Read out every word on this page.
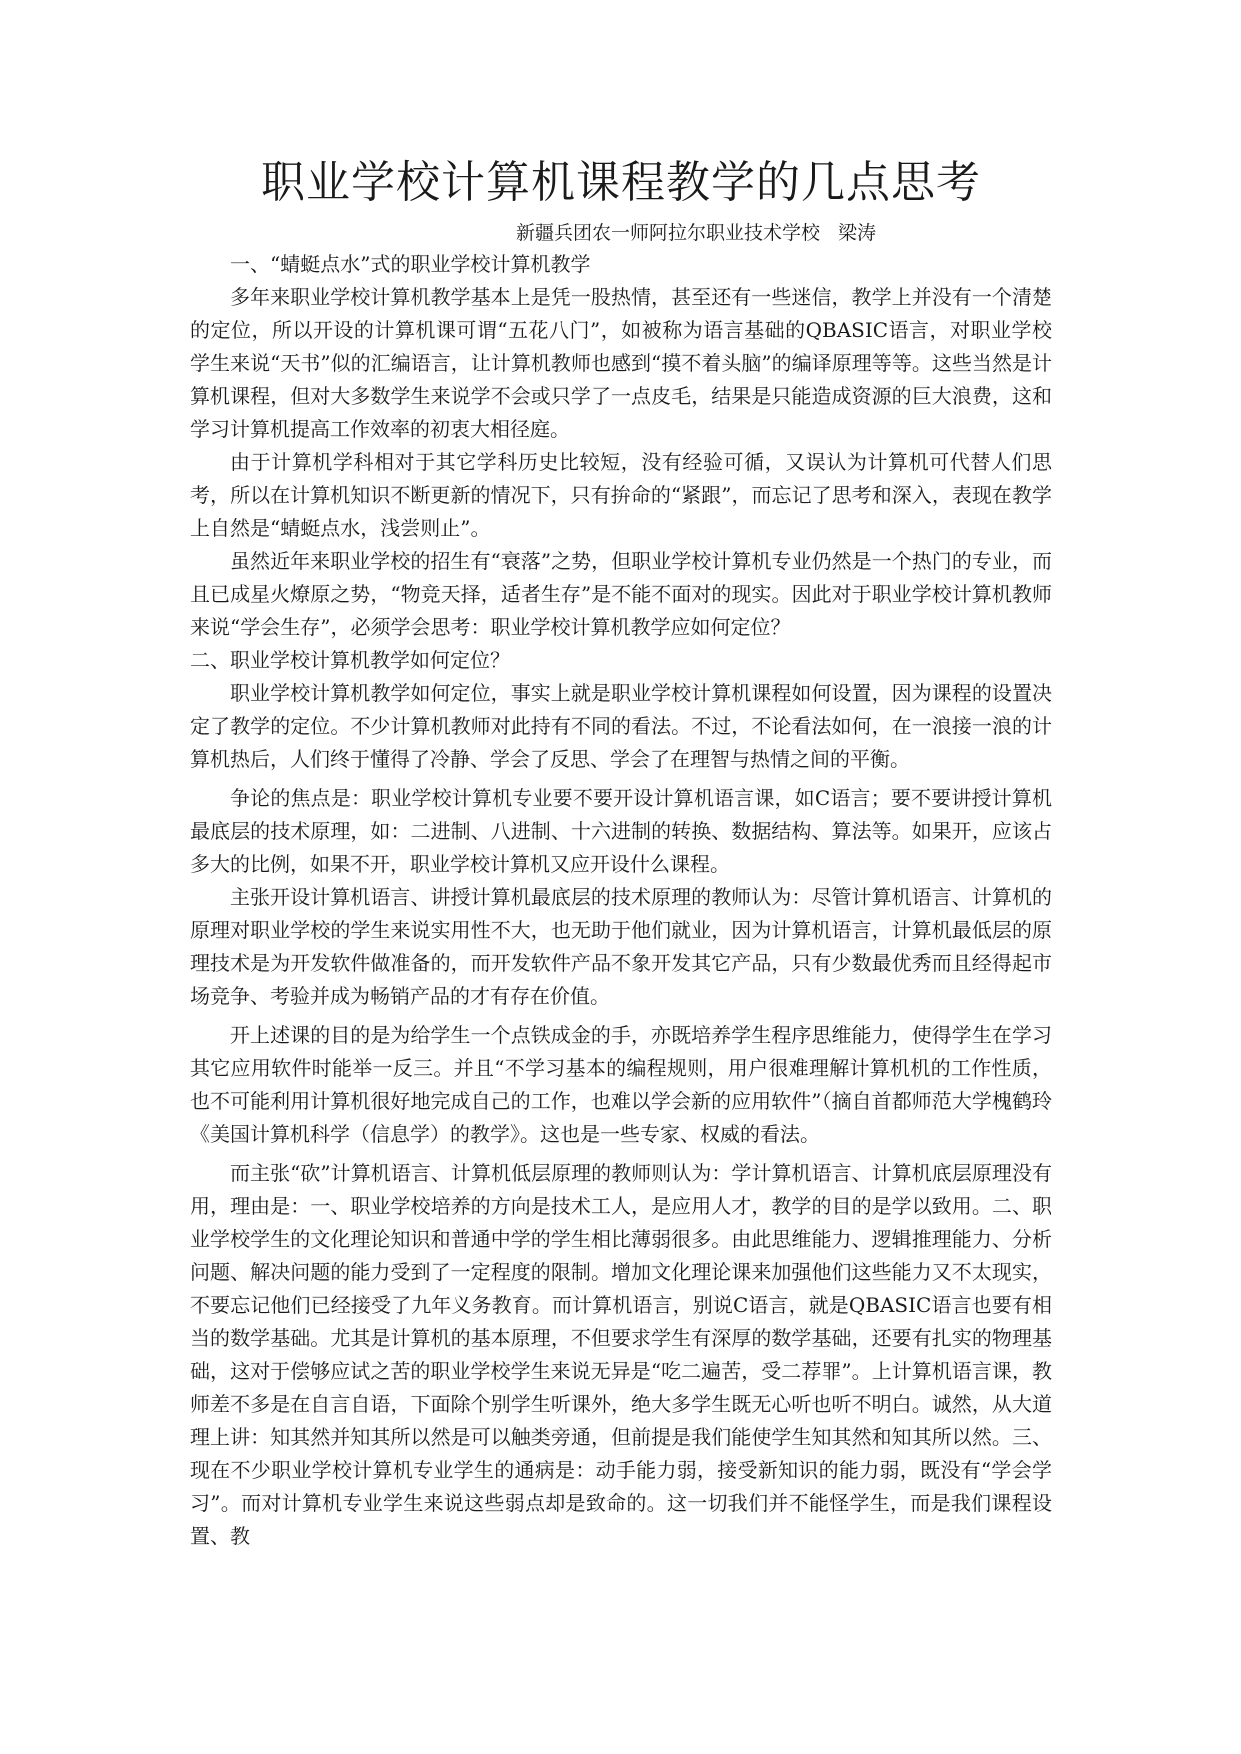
职业学校计算机课程教学的几点思考
新疆兵团农一师阿拉尔职业技术学校 梁涛

一、“蜻蜓点水”式的职业学校计算机教学

多年来职业学校计算机教学基本上是凭一股热情，甚至还有一些迷信，教学上并没有一个清楚的定位，所以开设的计算机课可谓“五花八门”，如被称为语言基础的QBASIC语言，对职业学校学生来说“天书”似的汇编语言，让计算机教师也感到“摸不着头脑”的编译原理等等。这些当然是计算机课程，但对大多数学生来说学不会或只学了一点皮毛，结果是只能造成资源的巨大浪费，这和学习计算机提高工作效率的初衷大相径庭。

由于计算机学科相对于其它学科历史比较短，没有经验可循，又误认为计算机可代替人们思考，所以在计算机知识不断更新的情况下，只有拚命的“紧跟”，而忘记了思考和深入，表现在教学上自然是“蜻蜓点水，浅尝则止”。

虽然近年来职业学校的招生有“衰落”之势，但职业学校计算机专业仍然是一个热门的专业，而且已成星火燎原之势，“物竞天择，适者生存”是不能不面对的现实。因此对于职业学校计算机教师来说“学会生存”，必须学会思考：职业学校计算机教学应如何定位？

二、职业学校计算机教学如何定位？

职业学校计算机教学如何定位，事实上就是职业学校计算机课程如何设置，因为课程的设置决定了教学的定位。不少计算机教师对此持有不同的看法。不过，不论看法如何，在一浪接一浪的计算机热后，人们终于懂得了冷静、学会了反思、学会了在理智与热情之间的平衡。

争论的焦点是：职业学校计算机专业要不要开设计算机语言课，如C语言；要不要讲授计算机最底层的技术原理，如：二进制、八进制、十六进制的转换、数据结构、算法等。如果开，应该占多大的比例，如果不开，职业学校计算机又应开设什么课程。

主张开设计算机语言、讲授计算机最底层的技术原理的教师认为：尽管计算机语言、计算机的原理对职业学校的学生来说实用性不大，也无助于他们就业，因为计算机语言，计算机最低层的原理技术是为开发软件做准备的，而开发软件产品不象开发其它产品，只有少数最优秀而且经得起市场竞争、考验并成为畅销产品的才有存在价值。

开上述课的目的是为给学生一个点铁成金的手，亦既培养学生程序思维能力，使得学生在学习其它应用软件时能举一反三。并且“不学习基本的编程规则，用户很难理解计算机机的工作性质，也不可能利用计算机很好地完成自己的工作，也难以学会新的应用软件”（摘自首都师范大学槐鹤玲《美国计算机科学（信息学）的教学》。这也是一些专家、权威的看法。

而主张“砍”计算机语言、计算机低层原理的教师则认为：学计算机语言、计算机底层原理没有用，理由是：一、职业学校培养的方向是技术工人，是应用人才，教学的目的是学以致用。二、职业学校学生的文化理论知识和普通中学的学生相比薄弱很多。由此思维能力、逻辑推理能力、分析问题、解决问题的能力受到了一定程度的限制。增加文化理论课来加强他们这些能力又不太现实，不要忘记他们已经接受了九年义务教育。而计算机语言，别说C语言，就是QBASIC语言也要有相当的数学基础。尤其是计算机的基本原理，不但要求学生有深厚的数学基础，还要有扎实的物理基础，这对于偿够应试之苦的职业学校学生来说无异是“吃二遍苦，受二荐罪”。上计算机语言课，教师差不多是在自言自语，下面除个别学生听课外，绝大多学生既无心听也听不明白。诚然，从大道理上讲：知其然并知其所以然是可以触类旁通，但前提是我们能使学生知其然和知其所以然。三、现在不少职业学校计算机专业学生的通病是：动手能力弱，接受新知识的能力弱，既没有“学会学习”。而对计算机专业学生来说这些弱点却是致命的。这一切我们并不能怪学生，而是我们课程设置、教
